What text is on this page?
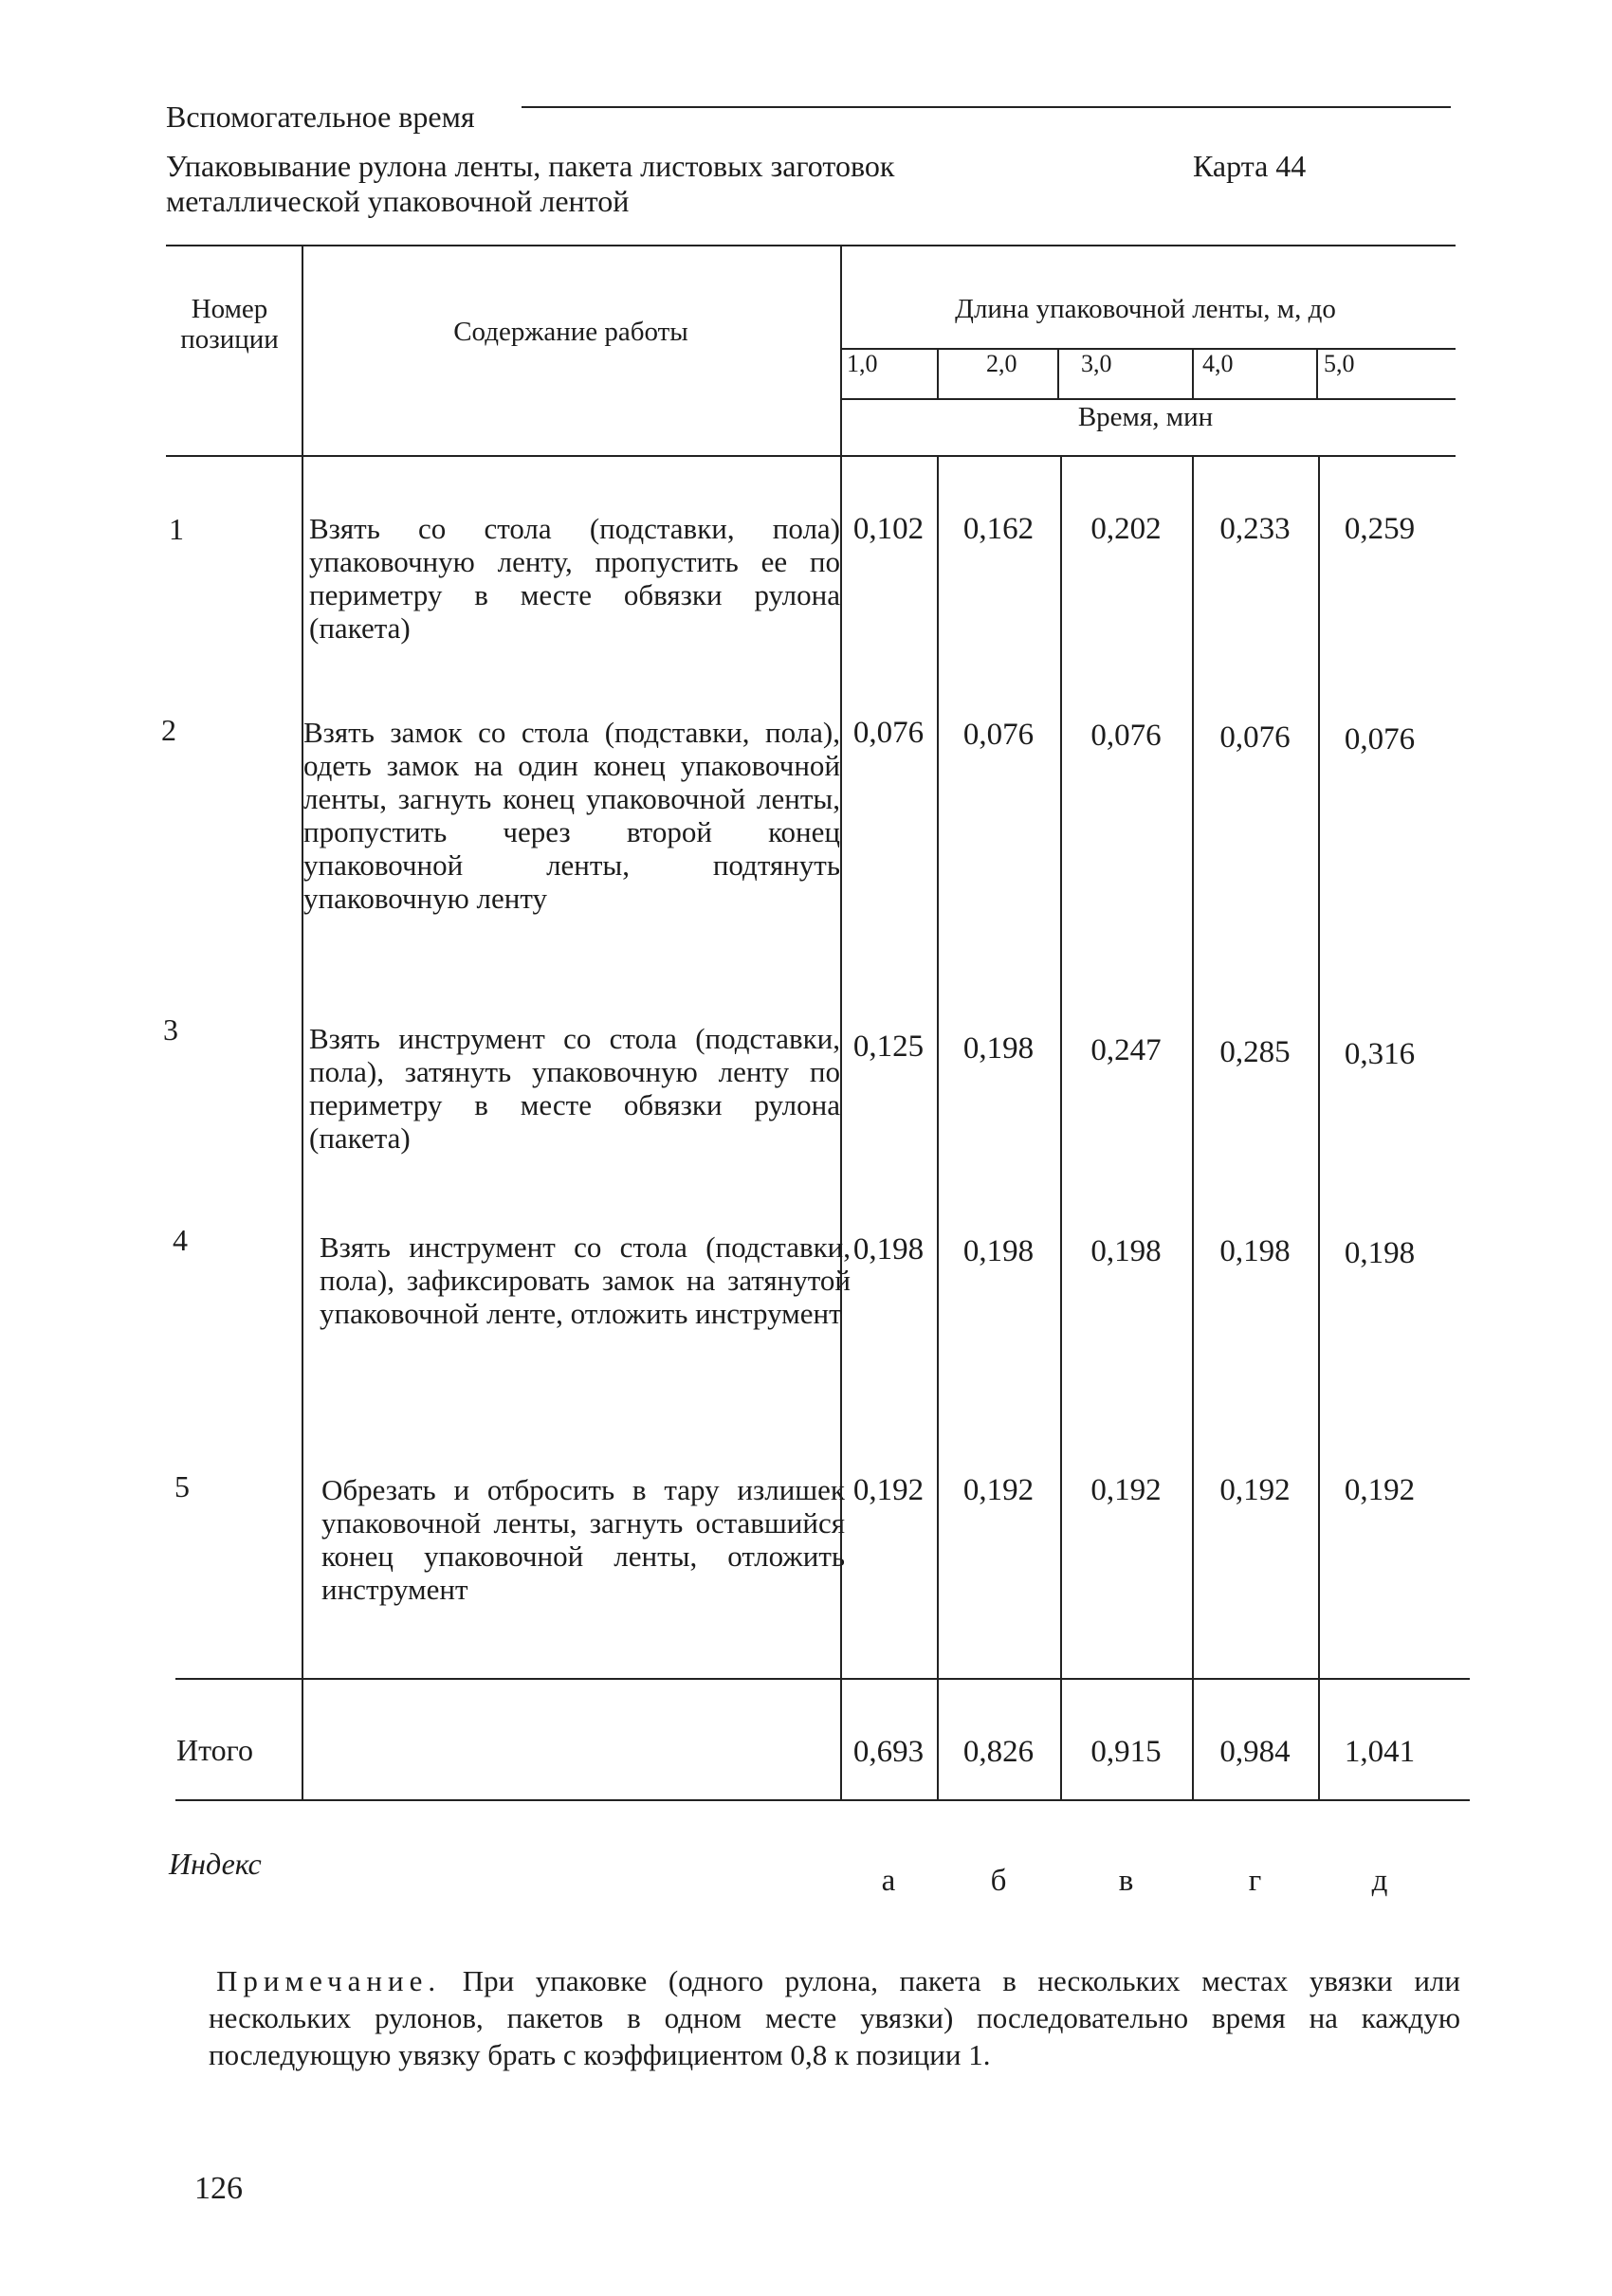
Вспомогательное время
Упаковывание рулона ленты, пакета листовых заготовок
металлической упаковочной лентой
Карта 44
Номер
позиции	Содержание работы
Длина упаковочной ленты, м, до
1,0	2,0	3,0	4,0	5,0
Время, мин
1	Взять со стола (подставки, пола) упаковочную ленту, пропустить ее по периметру в месте обвязки рулона (пакета)
0,102	0,162	0,202	0,233	0,259
2	Взять замок со стола (подставки, пола), одеть замок на один конец упаковочной ленты, загнуть конец упаковочной ленты, пропустить через второй конец упаковочной ленты, подтянуть упаковочную ленту
0,076	0,076	0,076	0,076	0,076
3	Взять инструмент со стола (подставки, пола), затянуть упаковочную ленту по периметру в месте обвязки рулона (пакета)
0,125	0,198	0,247	0,285	0,316
4	Взять инструмент со стола (подставки, пола), зафиксировать замок на затянутой упаковочной ленте, отложить инструмент
0,198	0,198	0,198	0,198	0,198
5	Обрезать и отбросить в тару излишек упаковочной ленты, загнуть оставшийся конец упаковочной ленты, отложить инструмент
0,192	0,192	0,192	0,192	0,192
Итого	0,693	0,826	0,915	0,984	1,041
Индекс	а	б	в	г	д
Примечание. При упаковке (одного рулона, пакета в нескольких местах увязки или нескольких рулонов, пакетов в одном месте увязки) последовательно время на каждую последующую увязку брать с коэффициентом 0,8 к позиции 1.
126
